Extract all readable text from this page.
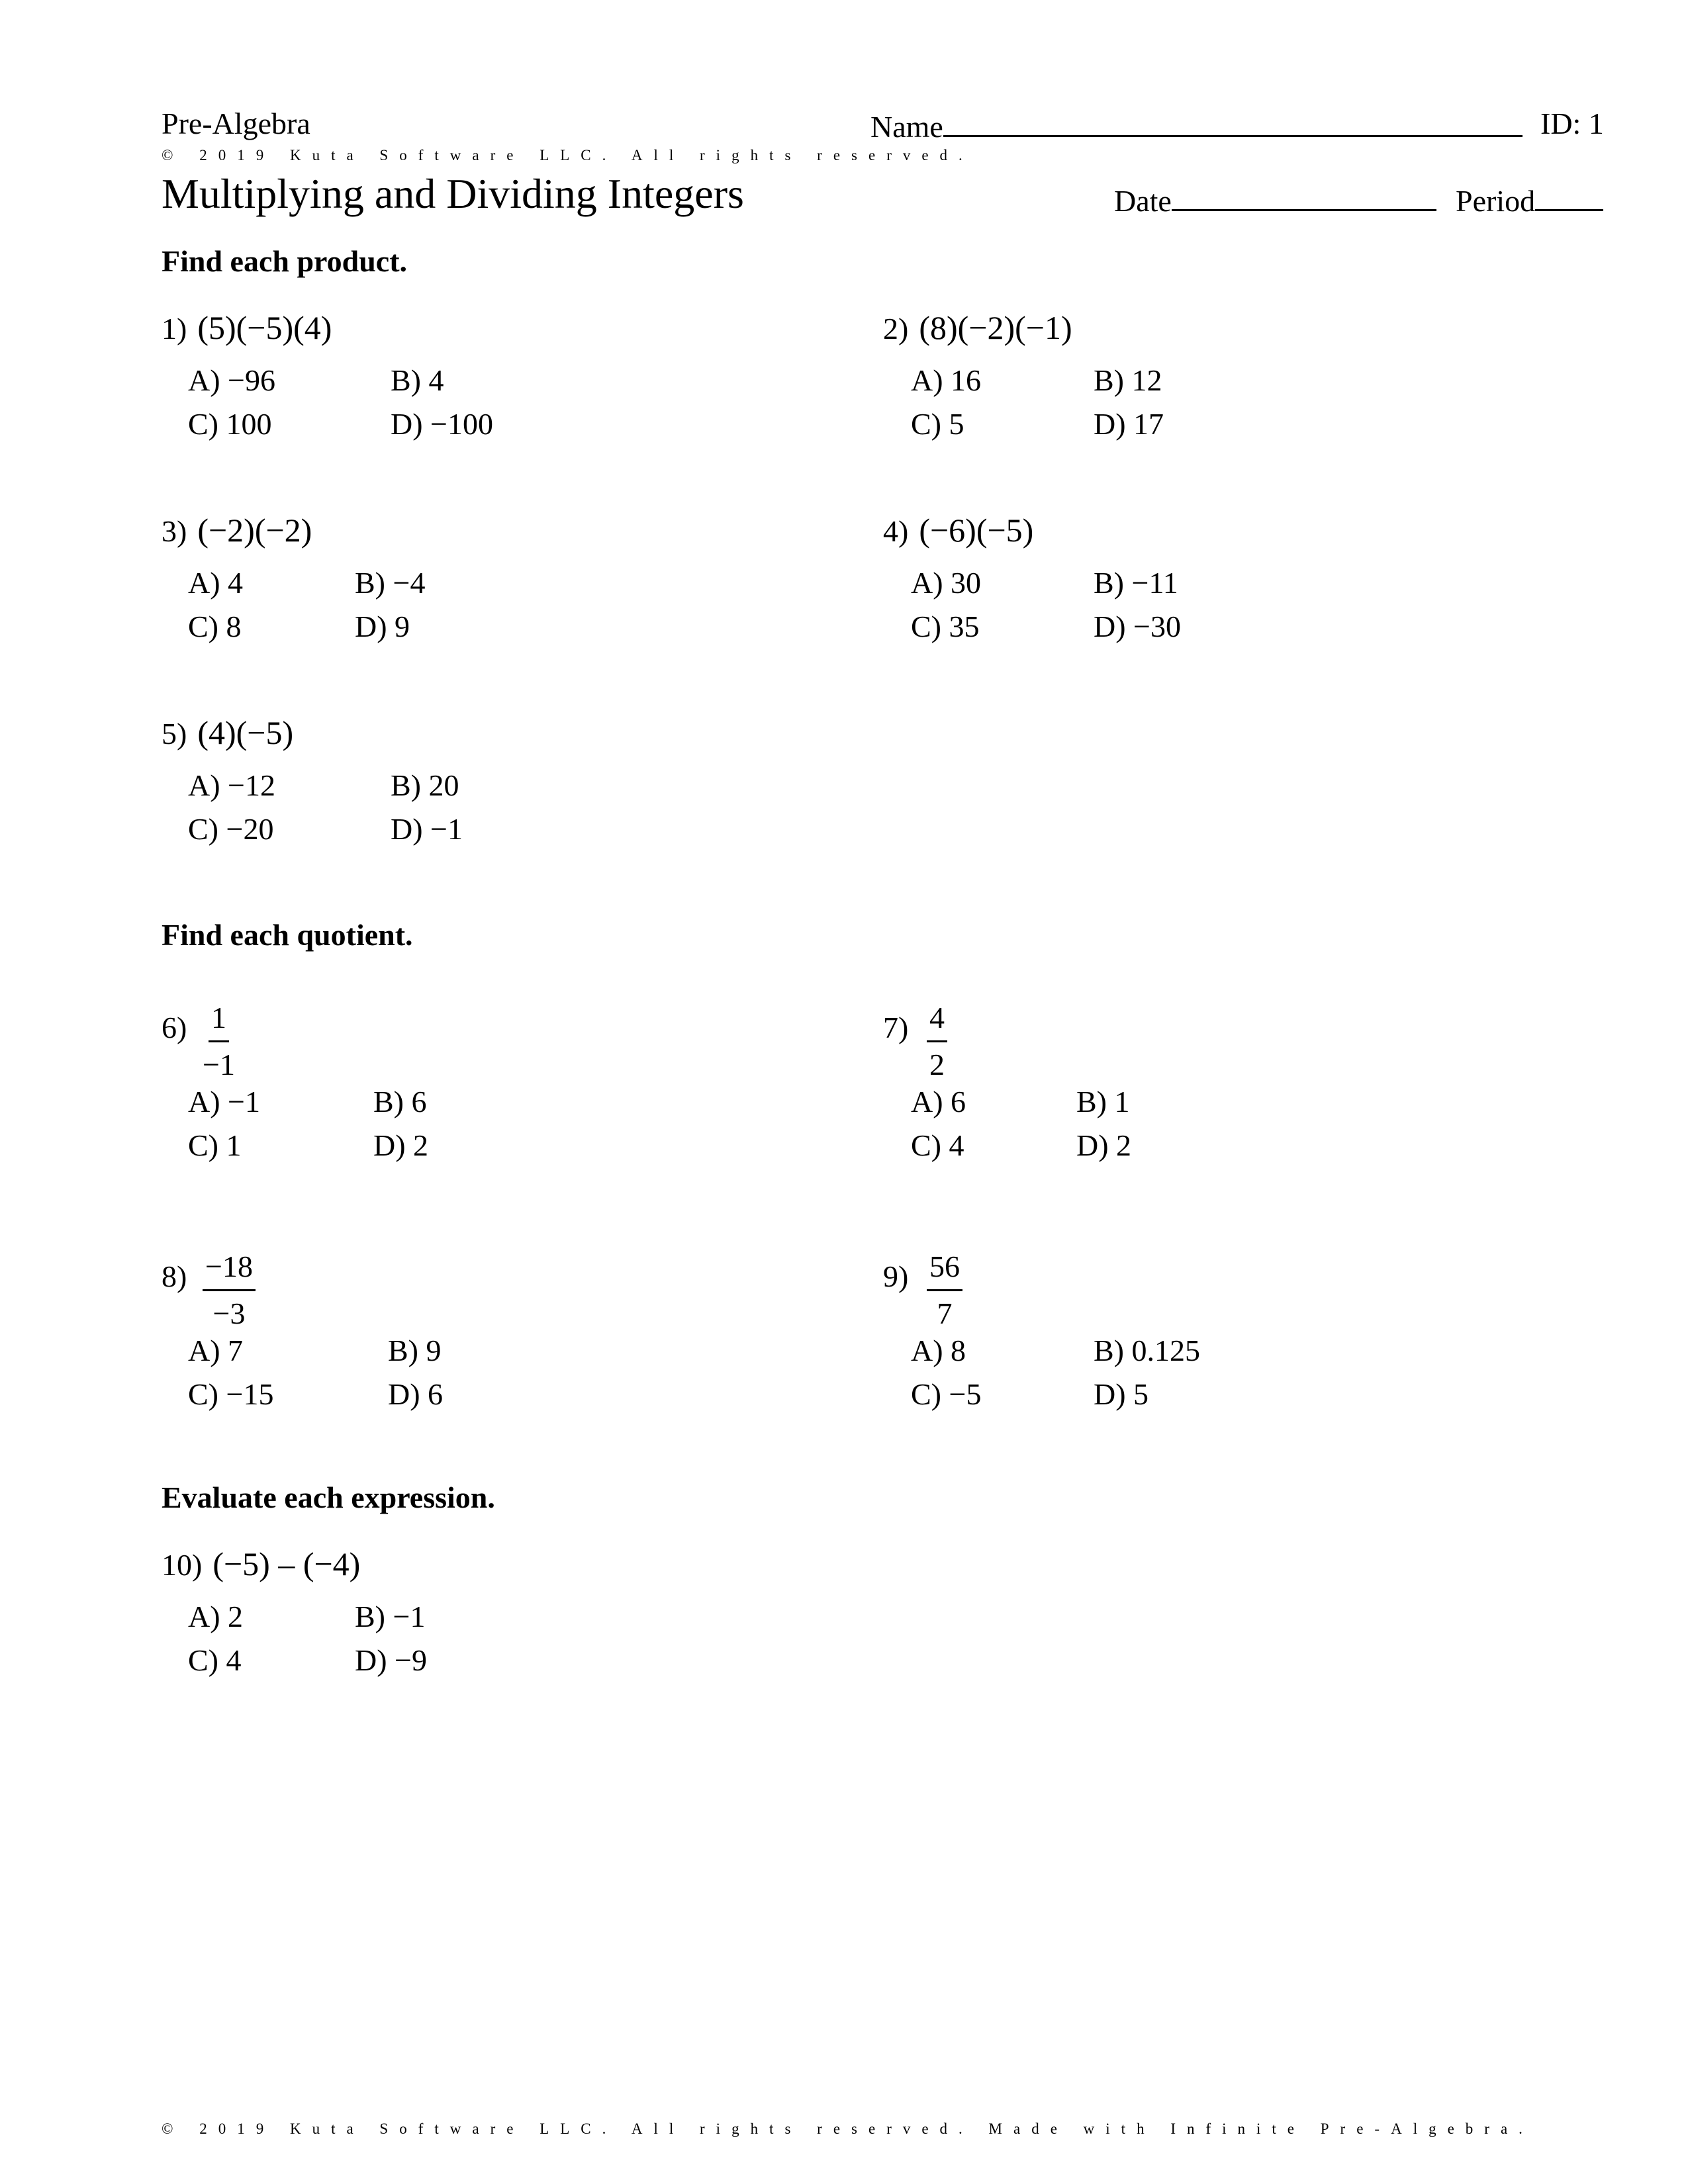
Pre-Algebra	Name	ID: 1
© 2019 Kuta Software LLC. All rights reserved.
Multiplying and Dividing Integers	Date	Period
Find each product.
1) (5)(−5)(4)
A) −96	B) 4
C) 100	D) −100
2) (8)(−2)(−1)
A) 16	B) 12
C) 5	D) 17
3) (−2)(−2)
A) 4	B) −4
C) 8	D) 9
4) (−6)(−5)
A) 30	B) −11
C) 35	D) −30
5) (4)(−5)
A) −12	B) 20
C) −20	D) −1
Find each quotient.
$6) \frac{1}{-1}$
A) −1	B) 6
C) 1	D) 2
$7) \frac{4}{2}$
A) 6	B) 1
C) 4	D) 2
$8) \frac{-18}{-3}$
A) 7	B) 9
C) −15	D) 6
$9) \frac{56}{7}$
A) 8	B) 0.125
C) −5	D) 5
Evaluate each expression.
10) (−5) – (−4)
A) 2	B) −1
C) 4	D) −9
© 2019 Kuta Software LLC. All rights reserved. Made with Infinite Pre-Algebra.
